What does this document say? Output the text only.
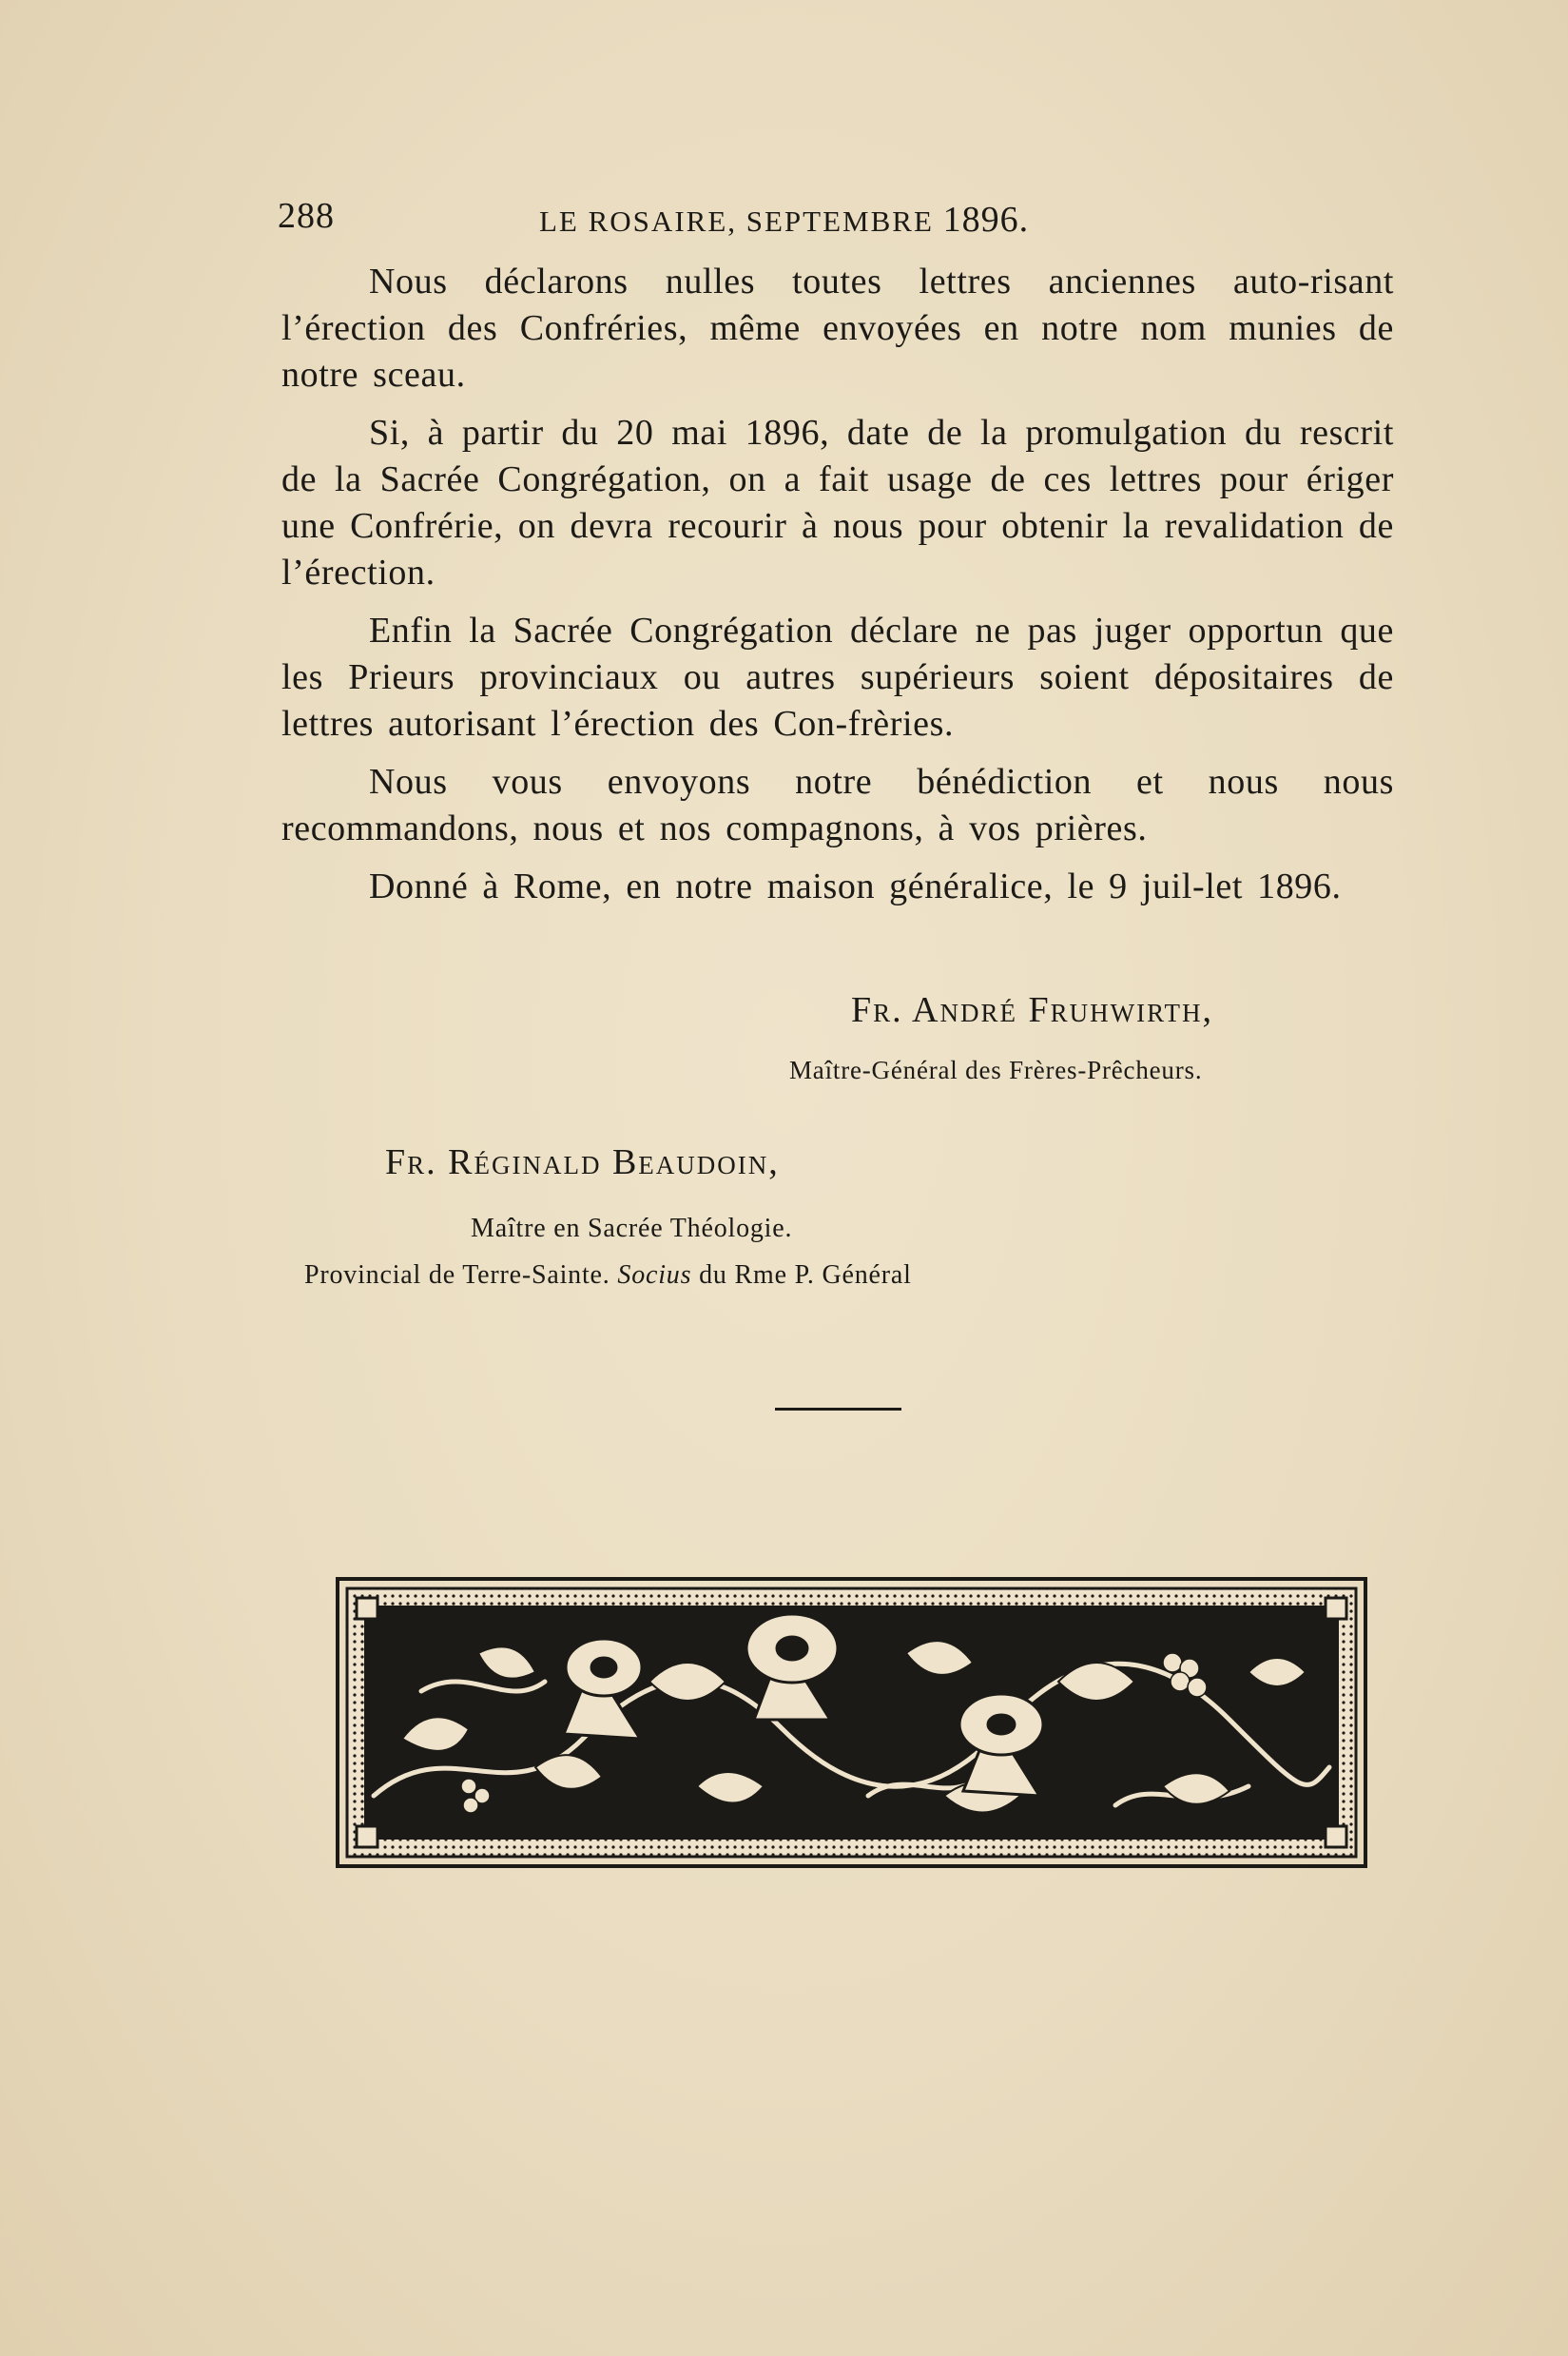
288	LE ROSAIRE, SEPTEMBRE 1896.

Nous déclarons nulles toutes lettres anciennes auto-risant l’érection des Confréries, même envoyées en notre nom munies de notre sceau.

Si, à partir du 20 mai 1896, date de la promulgation du rescrit de la Sacrée Congrégation, on a fait usage de ces lettres pour ériger une Confrérie, on devra recourir à nous pour obtenir la revalidation de l’érection.

Enfin la Sacrée Congrégation déclare ne pas juger opportun que les Prieurs provinciaux ou autres supérieurs soient dépositaires de lettres autorisant l’érection des Con-frèries.

Nous vous envoyons notre bénédiction et nous nous recommandons, nous et nos compagnons, à vos prières.

Donné à Rome, en notre maison généralice, le 9 juil-let 1896.

Fr. André Fruhwirth,
Maître-Général des Frères-Prêcheurs.
Fr. Réginald Beaudoin,
Maître en Sacrée Théologie.
Provincial de Terre-Sainte. Socius du Rme P. Général
